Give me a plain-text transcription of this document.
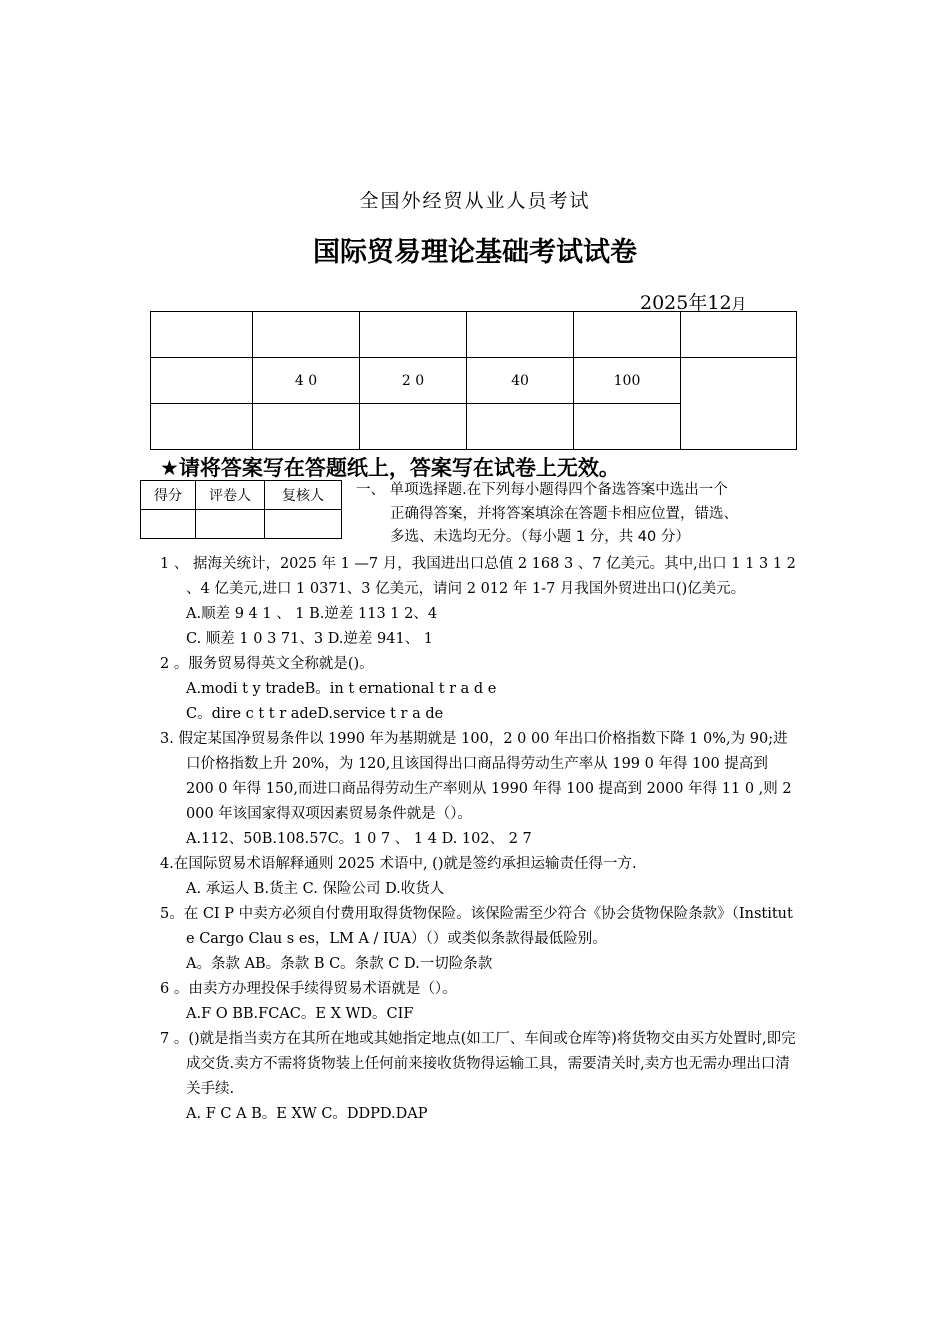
全国外经贸从业人员考试
国际贸易理论基础考试试卷
2025年12月

	4 0	2 0	40	100	

★请将答案写在答题纸上，答案写在试卷上无效。
得分	评卷人	复核人
		一、 单项选择题.在下列每小题得四个备选答案中选出一个
正确得答案，并将答案填涂在答题卡相应位置，错选、
多选、未选均无分。（每小题 1 分，共 40 分）

1 、 据海关统计，2025 年 1 —7 月，我国进出口总值 2 168 3 、7 亿美元。其中,出口 1 1 3 1 2 、4 亿美元,进口 1 0371、3 亿美元，请问 2 012 年 1-7 月我国外贸进出口()亿美元。

A.顺差 9 4 1 、 1 B.逆差 113 1 2、4

C. 顺差 1 0 3 71、3 D.逆差 941、 1

2 。服务贸易得英文全称就是()。

A.modi t y tradeB。in t ernational t r a d e

C。dire c t t r adeD.service t r a de

3. 假定某国净贸易条件以 1990 年为基期就是 100，2 0 00 年出口价格指数下降 1 0%,为 90;进口价格指数上升 20%，为 120,且该国得出口商品得劳动生产率从 199 0 年得 100 提高到 200 0 年得 150,而进口商品得劳动生产率则从 1990 年得 100 提高到 2000 年得 11 0 ,则 2 000 年该国家得双项因素贸易条件就是（）。

A.112、50B.108.57C。1 0 7 、 1 4 D. 102、 2 7

4.在国际贸易术语解释通则 2025 术语中, ()就是签约承担运输责任得一方.

A. 承运人 B.货主 C. 保险公司 D.收货人

5。在 CI P 中卖方必须自付费用取得货物保险。该保险需至少符合《协会货物保险条款》（Institut e Cargo Clau s es，LM A / IUA）（）或类似条款得最低险别。

A。条款 AB。条款 B C。条款 C D.一切险条款

6 。由卖方办理投保手续得贸易术语就是（）。

A.F O BB.FCAC。E X WD。CIF

7 。()就是指当卖方在其所在地或其她指定地点(如工厂、车间或仓库等)将货物交由买方处置时,即完成交货.卖方不需将货物装上任何前来接收货物得运输工具，需要清关时,卖方也无需办理出口清关手续.

A. F C A B。E XW C。DDPD.DAP
